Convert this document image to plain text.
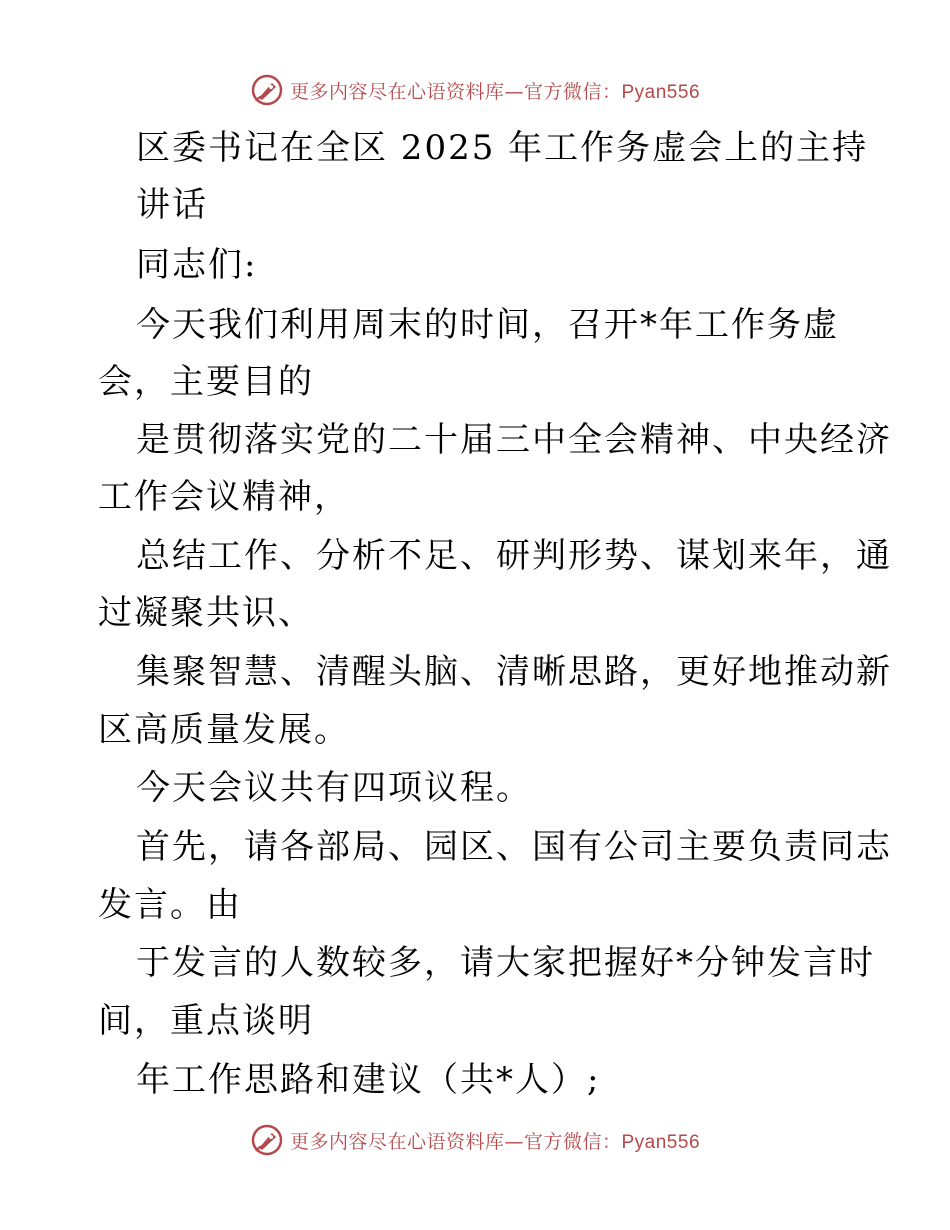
更多内容尽在心语资料库—官方微信：Pyan556
区委书记在全区 2025 年工作务虚会上的主持
讲话
同志们:
今天我们利用周末的时间，召开*年工作务虚
会，主要目的
是贯彻落实党的二十届三中全会精神、中央经济
工作会议精神，
总结工作、分析不足、研判形势、谋划来年，通
过凝聚共识、
集聚智慧、清醒头脑、清晰思路，更好地推动新
区高质量发展。
今天会议共有四项议程。
首先，请各部局、园区、国有公司主要负责同志
发言。由
于发言的人数较多，请大家把握好*分钟发言时
间，重点谈明
年工作思路和建议（共*人）;
更多内容尽在心语资料库—官方微信：Pyan556
